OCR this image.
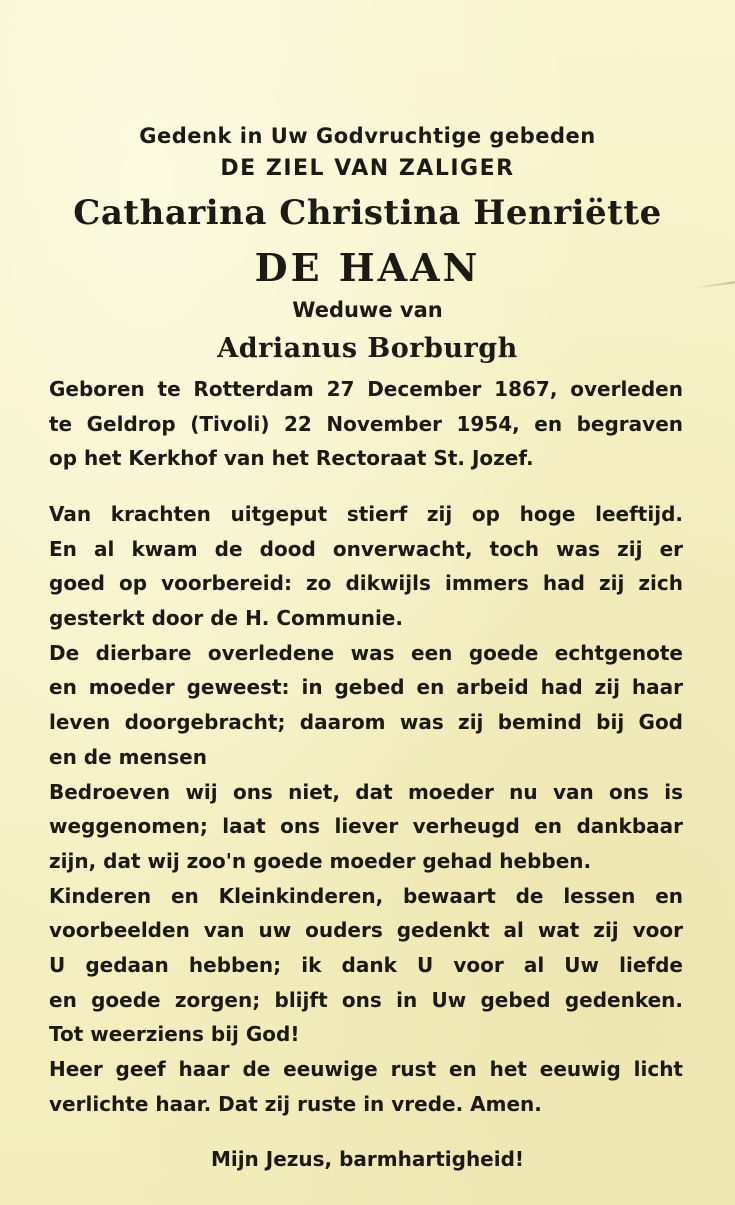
Gedenk in Uw Godvruchtige gebeden

DE ZIEL VAN ZALIGER

Catharina Christina Henriëtte

DE HAAN

Weduwe van

Adrianus Borburgh

Geboren te Rotterdam 27 December 1867, overleden
te Geldrop (Tivoli) 22 November 1954, en begraven
op het Kerkhof van het Rectoraat St. Jozef.
Van krachten uitgeput stierf zij op hoge leeftijd.
En al kwam de dood onverwacht, toch was zij er
goed op voorbereid: zo dikwijls immers had zij zich
gesterkt door de H. Communie.
De dierbare overledene was een goede echtgenote
en moeder geweest: in gebed en arbeid had zij haar
leven doorgebracht; daarom was zij bemind bij God
en de mensen
Bedroeven wij ons niet, dat moeder nu van ons is
weggenomen; laat ons liever verheugd en dankbaar
zijn, dat wij zoo'n goede moeder gehad hebben.
Kinderen en Kleinkinderen, bewaart de lessen en
voorbeelden van uw ouders gedenkt al wat zij voor
U gedaan hebben; ik dank U voor al Uw liefde
en goede zorgen; blijft ons in Uw gebed gedenken.
Tot weerziens bij God!
Heer geef haar de eeuwige rust en het eeuwig licht
verlichte haar. Dat zij ruste in vrede. Amen.

Mijn Jezus, barmhartigheid!
